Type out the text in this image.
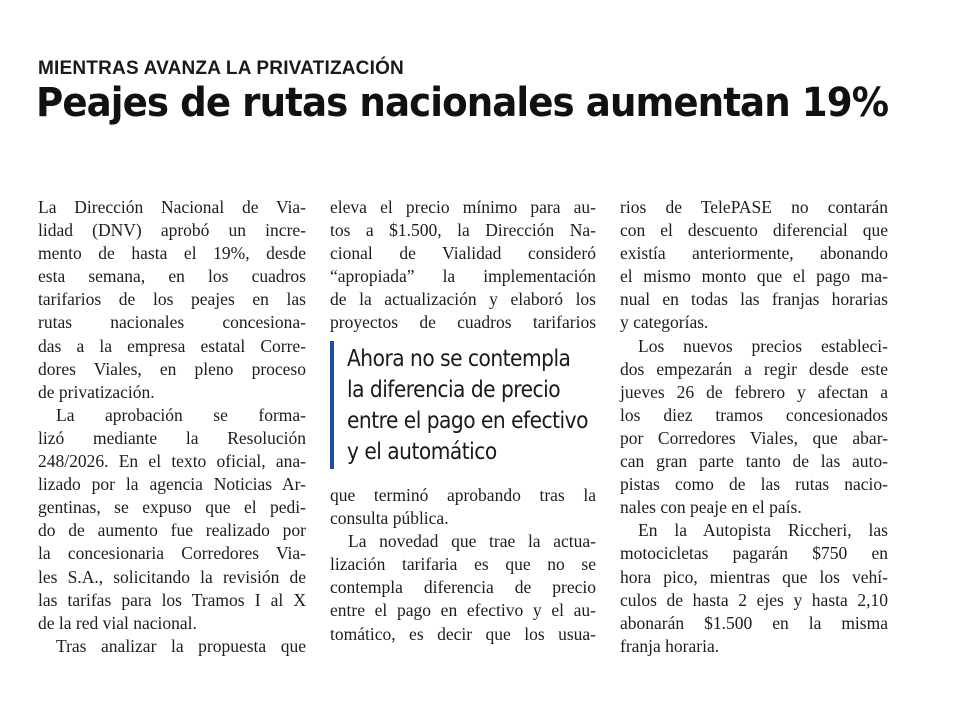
MIENTRAS AVANZA LA PRIVATIZACIÓN
Peajes de rutas nacionales aumentan 19%
La Dirección Nacional de Via-
lidad (DNV) aprobó un incre-
mento de hasta el 19%, desde
esta semana, en los cuadros
tarifarios de los peajes en las
rutas nacionales concesiona-
das a la empresa estatal Corre-
dores Viales, en pleno proceso
de privatización.
La aprobación se forma-
lizó mediante la Resolución
248/2026. En el texto oficial, ana-
lizado por la agencia Noticias Ar-
gentinas, se expuso que el pedi-
do de aumento fue realizado por
la concesionaria Corredores Via-
les S.A., solicitando la revisión de
las tarifas para los Tramos I al X
de la red vial nacional.
Tras analizar la propuesta que
eleva el precio mínimo para au-
tos a $1.500, la Dirección Na-
cional de Vialidad consideró
“apropiada” la implementación
de la actualización y elaboró los
proyectos de cuadros tarifarios
Ahora no se contempla
la diferencia de precio
entre el pago en efectivo
y el automático
que terminó aprobando tras la
consulta pública.
La novedad que trae la actua-
lización tarifaria es que no se
contempla diferencia de precio
entre el pago en efectivo y el au-
tomático, es decir que los usua-
rios de TelePASE no contarán
con el descuento diferencial que
existía anteriormente, abonando
el mismo monto que el pago ma-
nual en todas las franjas horarias
y categorías.
Los nuevos precios estableci-
dos empezarán a regir desde este
jueves 26 de febrero y afectan a
los diez tramos concesionados
por Corredores Viales, que abar-
can gran parte tanto de las auto-
pistas como de las rutas nacio-
nales con peaje en el país.
En la Autopista Riccheri, las
motocicletas pagarán $750 en
hora pico, mientras que los vehí-
culos de hasta 2 ejes y hasta 2,10
abonarán $1.500 en la misma
franja horaria.
